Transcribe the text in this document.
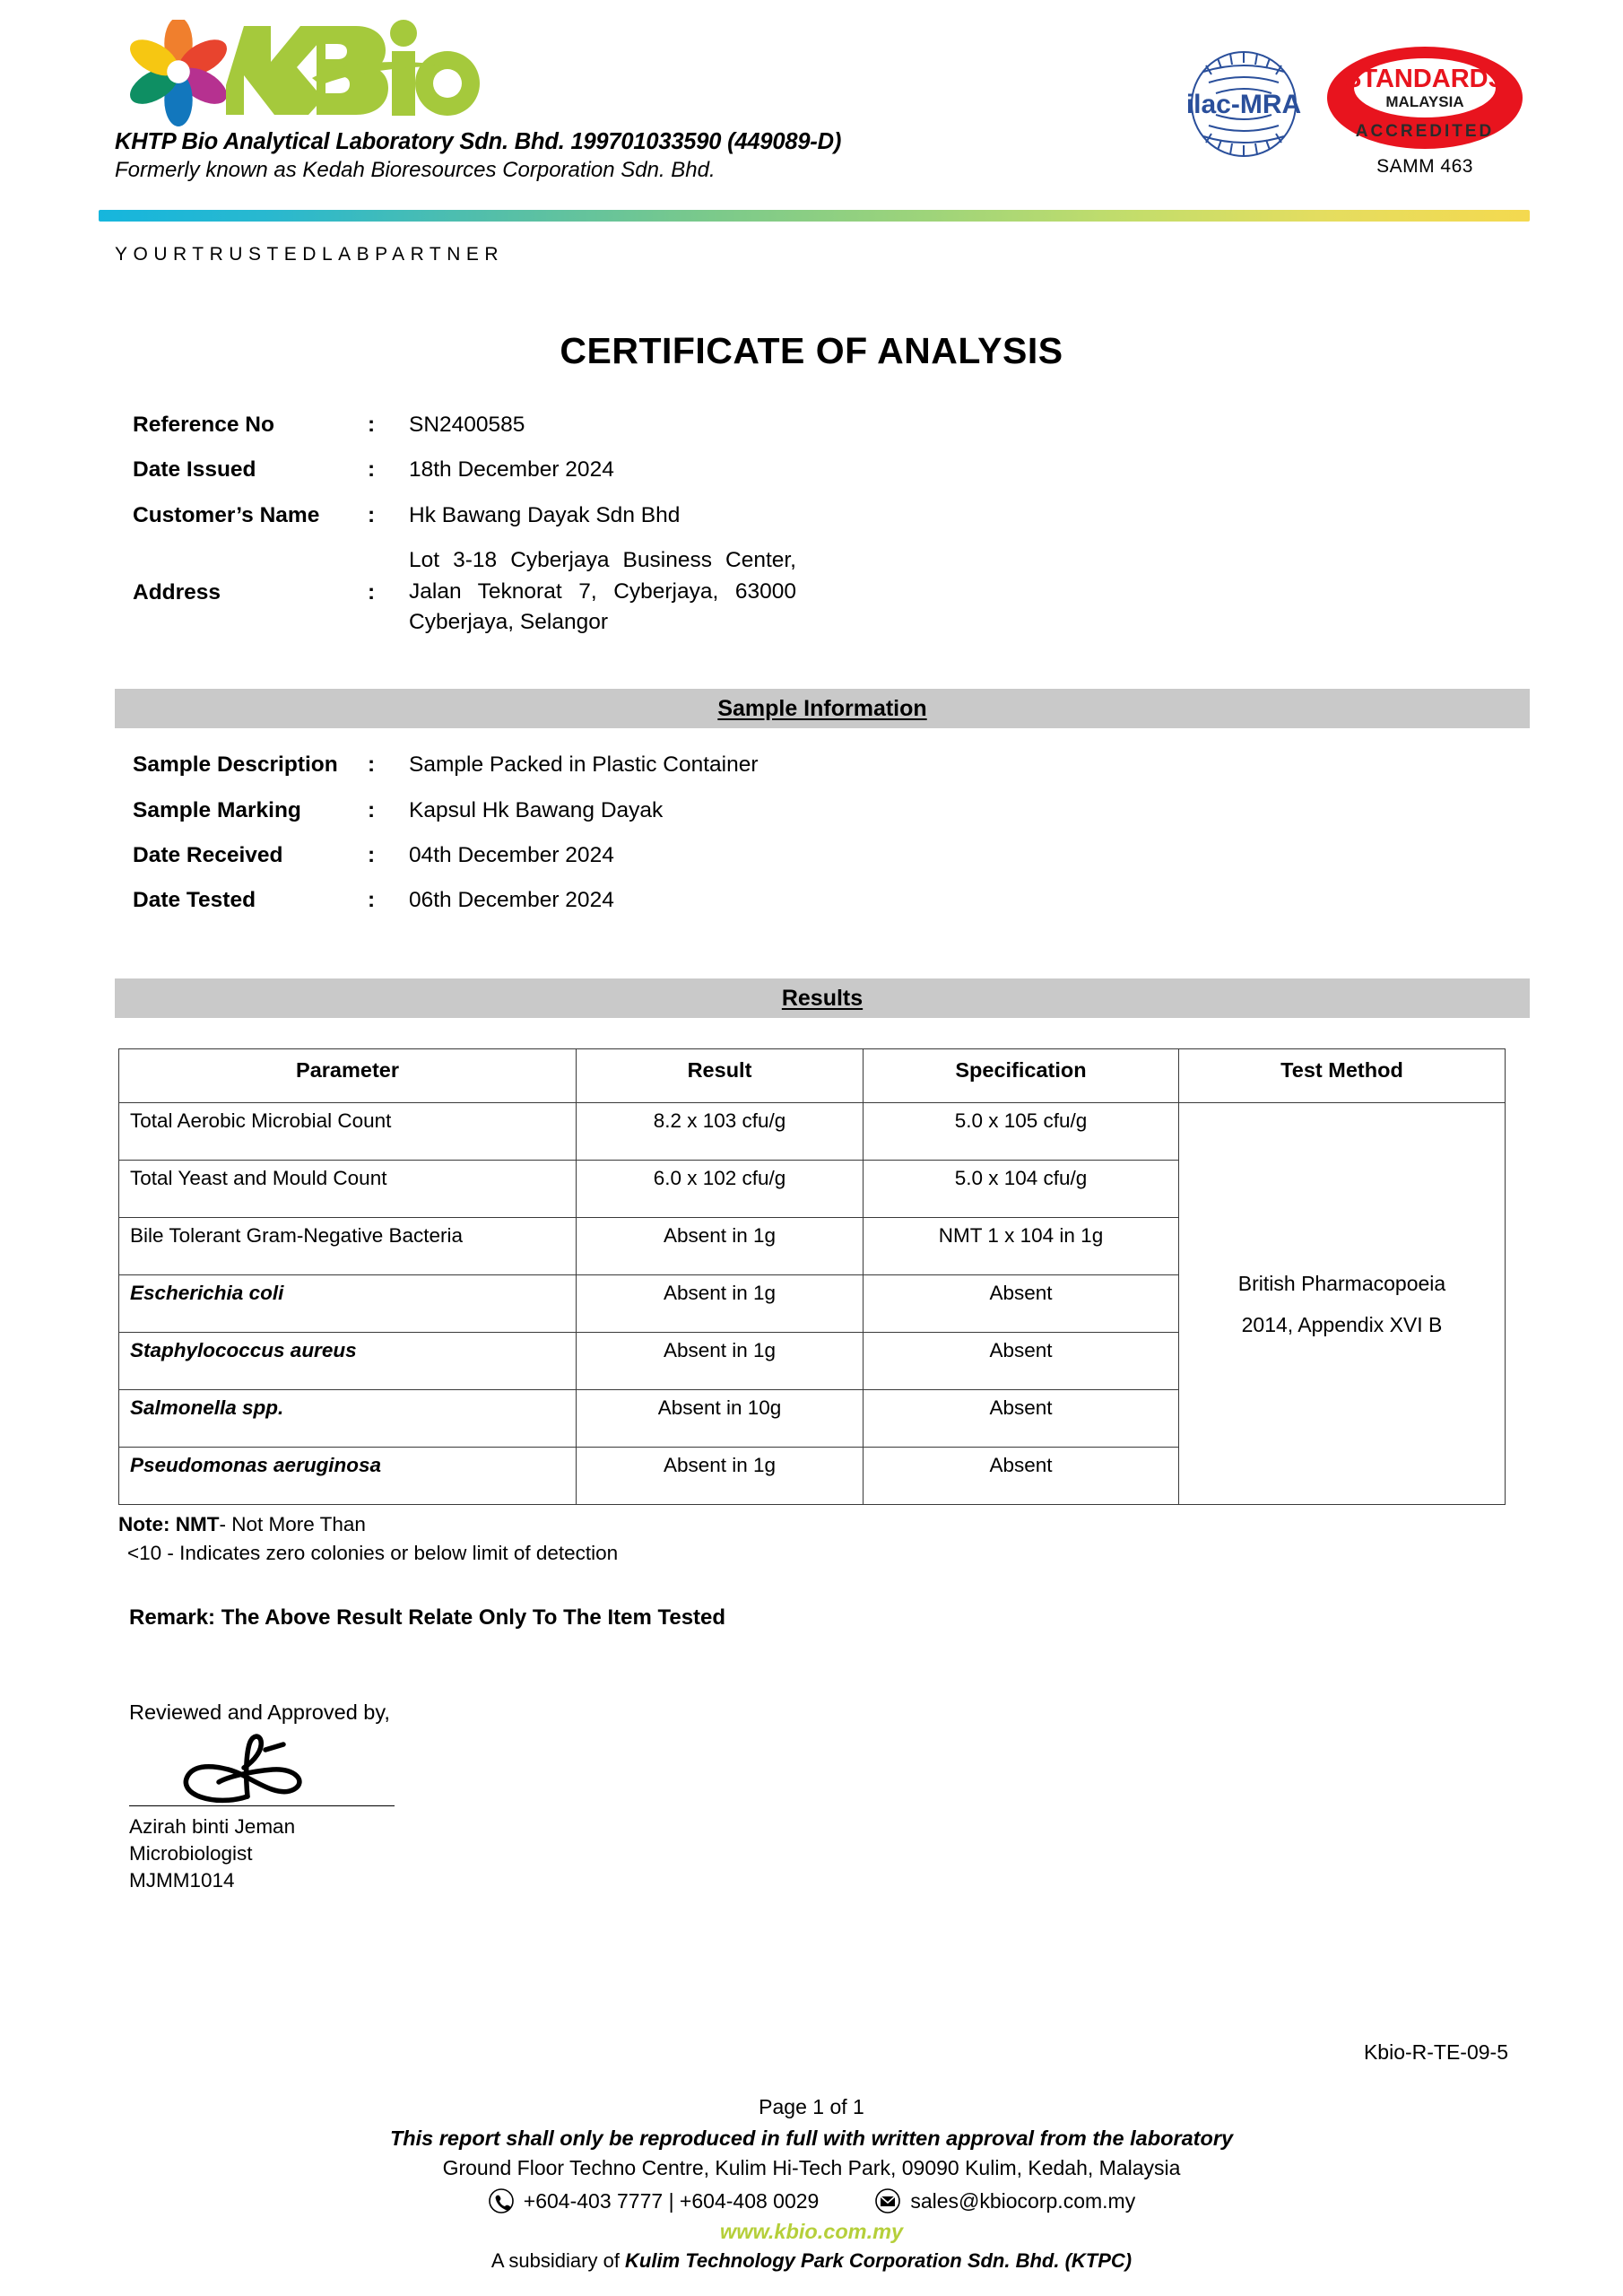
KHTP Bio Analytical Laboratory Sdn. Bhd. 199701033590 (449089-D)
Formerly known as Kedah Bioresources Corporation Sdn. Bhd.
ilac-MRA
STANDARDS
MALAYSIA
ACCREDITED
SAMM 463
YOURTRUSTEDLABPARTNER
CERTIFICATE OF ANALYSIS
Reference No	:	SN2400585
Date Issued	:	18th December 2024
Customer’s Name	:	Hk Bawang Dayak Sdn Bhd
Address	:
Lot 3-18 Cyberjaya Business Center, Jalan Teknorat 7, Cyberjaya, 63000 Cyberjaya, Selangor
Sample Information
Sample Description	:	Sample Packed in Plastic Container
Sample Marking	:	Kapsul Hk Bawang Dayak
Date Received	:	04th December 2024
Date Tested	:	06th December 2024
Results
Parameter	Result	Specification	Test Method
Total Aerobic Microbial Count	8.2 x 103 cfu/g	5.0 x 105 cfu/g	British Pharmacopoeia
2014, Appendix XVI B
Total Yeast and Mould Count	6.0 x 102 cfu/g	5.0 x 104 cfu/g	
Bile Tolerant Gram-Negative Bacteria	Absent in 1g	NMT 1 x 104 in 1g	
Escherichia coli	Absent in 1g	Absent	
Staphylococcus aureus	Absent in 1g	Absent	
Salmonella spp.	Absent in 10g	Absent	
Pseudomonas aeruginosa	Absent in 1g	Absent	
Note: NMT- Not More Than
<10 - Indicates zero colonies or below limit of detection
Remark: The Above Result Relate Only To The Item Tested
Reviewed and Approved by,
Azirah binti Jeman
Microbiologist
MJMM1014
Kbio-R-TE-09-5
Page 1 of 1
This report shall only be reproduced in full with written approval from the laboratory
Ground Floor Techno Centre, Kulim Hi-Tech Park, 09090 Kulim, Kedah, Malaysia
+604-403 7777 | +604-408 0029	sales@kbiocorp.com.my
www.kbio.com.my
A subsidiary of Kulim Technology Park Corporation Sdn. Bhd. (KTPC)
